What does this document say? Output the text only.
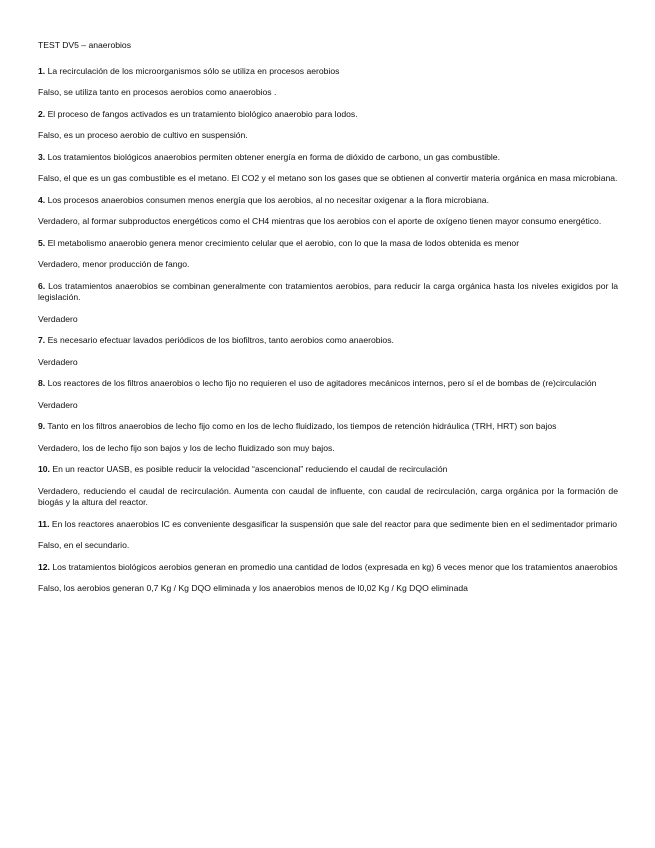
TEST DV5 – anaerobios

1. La recirculación de los microorganismos sólo se utiliza en procesos aerobios

Falso, se utiliza tanto en procesos aerobios como anaerobios .

2. El proceso de fangos activados es un tratamiento biológico anaerobio para lodos.

Falso, es un proceso aerobio de cultivo en suspensión.

3. Los tratamientos biológicos anaerobios permiten obtener energía en forma de dióxido de carbono, un gas combustible.

Falso, el que es un gas combustible es el metano. El CO2 y el metano son los gases que se obtienen al convertir materia orgánica en masa microbiana.

4. Los procesos anaerobios consumen menos energía que los aerobios, al no necesitar oxigenar a la flora microbiana.

Verdadero, al formar subproductos energéticos como el CH4 mientras que los aerobios con el aporte de oxígeno tienen mayor consumo energético.

5. El metabolismo anaerobio genera menor crecimiento celular que el aerobio, con lo que la masa de lodos obtenida es menor

Verdadero, menor producción de fango.

6. Los tratamientos anaerobios se combinan generalmente con tratamientos aerobios, para reducir la carga orgánica hasta los niveles exigidos por la legislación.

Verdadero

7. Es necesario efectuar lavados periódicos de los biofiltros, tanto aerobios como anaerobios.

Verdadero

8. Los reactores de los filtros anaerobios o lecho fijo no requieren el uso de agitadores mecánicos internos, pero sí el de bombas de (re)circulación

Verdadero

9. Tanto en los filtros anaerobios de lecho fijo como en los de lecho fluidizado, los tiempos de retención hidráulica (TRH, HRT) son bajos

Verdadero, los de lecho fijo son bajos y los de lecho fluidizado son muy bajos.

10. En un reactor UASB, es posible reducir la velocidad “ascencional” reduciendo el caudal de recirculación

Verdadero, reduciendo el caudal de recirculación. Aumenta con caudal de influente, con caudal de recirculación, carga orgánica por la formación de biogás y la altura del reactor.

11. En los reactores anaerobios IC es conveniente desgasificar la suspensión que sale del reactor para que sedimente bien en el sedimentador primario

Falso, en el secundario.

12. Los tratamientos biológicos aerobios generan en promedio una cantidad de lodos (expresada en kg) 6 veces menor que los tratamientos anaerobios

Falso, los aerobios generan 0,7 Kg / Kg DQO eliminada y los anaerobios menos de l0,02 Kg / Kg DQO eliminada
